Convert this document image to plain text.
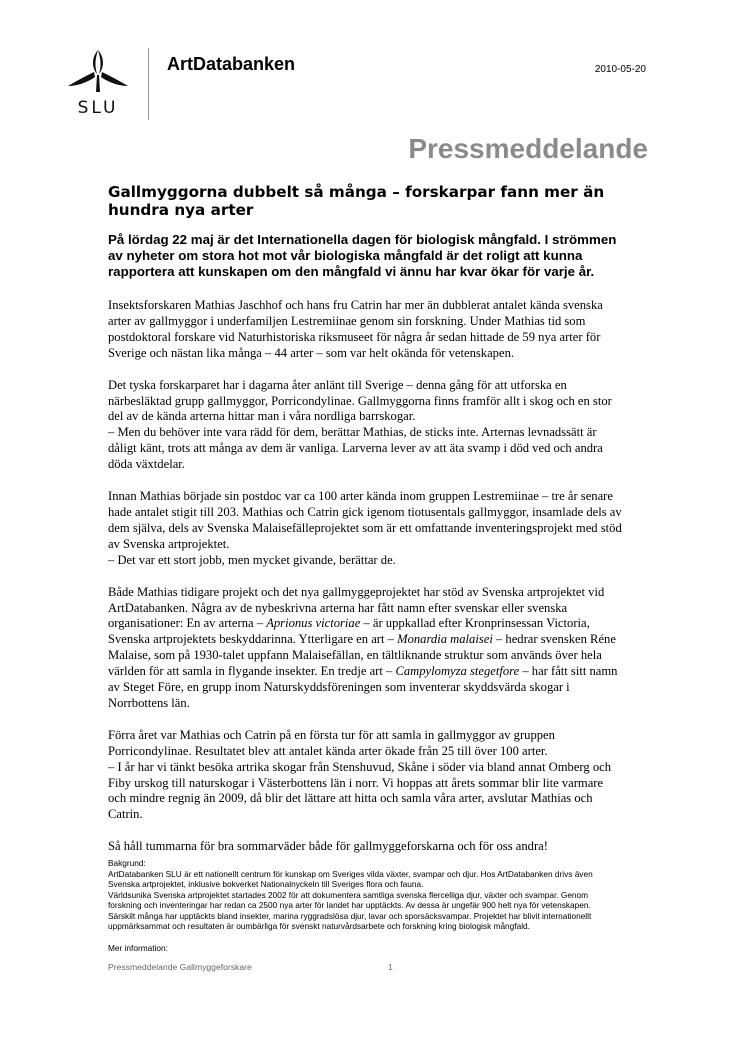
SLU
ArtDatabanken	2010-05-20
Pressmeddelande
Gallmyggorna dubbelt så många – forskarpar fann mer än
hundra nya arter
På lördag 22 maj är det Internationella dagen för biologisk mångfald. I strömmen
av nyheter om stora hot mot vår biologiska mångfald är det roligt att kunna
rapportera att kunskapen om den mångfald vi ännu har kvar ökar för varje år.

Insektsforskaren Mathias Jaschhof och hans fru Catrin har mer än dubblerat antalet kända svenska
arter av gallmyggor i underfamiljen Lestremiinae genom sin forskning. Under Mathias tid som
postdoktoral forskare vid Naturhistoriska riksmuseet för några år sedan hittade de 59 nya arter för
Sverige och nästan lika många – 44 arter – som var helt okända för vetenskapen.

Det tyska forskarparet har i dagarna åter anlänt till Sverige – denna gång för att utforska en
närbesläktad grupp gallmyggor, Porricondylinae. Gallmyggorna finns framför allt i skog och en stor
del av de kända arterna hittar man i våra nordliga barrskogar.
– Men du behöver inte vara rädd för dem, berättar Mathias, de sticks inte. Arternas levnadssätt är
dåligt känt, trots att många av dem är vanliga. Larverna lever av att äta svamp i död ved och andra
döda växtdelar.

Innan Mathias började sin postdoc var ca 100 arter kända inom gruppen Lestremiinae – tre år senare
hade antalet stigit till 203. Mathias och Catrin gick igenom tiotusentals gallmyggor, insamlade dels av
dem själva, dels av Svenska Malaisefälleprojektet som är ett omfattande inventeringsprojekt med stöd
av Svenska artprojektet.
– Det var ett stort jobb, men mycket givande, berättar de.

Både Mathias tidigare projekt och det nya gallmyggeprojektet har stöd av Svenska artprojektet vid
ArtDatabanken. Några av de nybeskrivna arterna har fått namn efter svenskar eller svenska
organisationer: En av arterna – Aprionus victoriae – är uppkallad efter Kronprinsessan Victoria,
Svenska artprojektets beskyddarinna. Ytterligare en art – Monardia malaisei – hedrar svensken Réne
Malaise, som på 1930-talet uppfann Malaisefällan, en tältliknande struktur som används över hela
världen för att samla in flygande insekter. En tredje art – Campylomyza stegetfore – har fått sitt namn
av Steget Före, en grupp inom Naturskyddsföreningen som inventerar skyddsvärda skogar i
Norrbottens län.

Förra året var Mathias och Catrin på en första tur för att samla in gallmyggor av gruppen
Porricondylinae. Resultatet blev att antalet kända arter ökade från 25 till över 100 arter.
– I år har vi tänkt besöka artrika skogar från Stenshuvud, Skåne i söder via bland annat Omberg och
Fiby urskog till naturskogar i Västerbottens län i norr. Vi hoppas att årets sommar blir lite varmare
och mindre regnig än 2009, då blir det lättare att hitta och samla våra arter, avslutar Mathias och
Catrin.

Så håll tummarna för bra sommarväder både för gallmyggeforskarna och för oss andra!

Bakgrund:
ArtDatabanken SLU är ett nationellt centrum för kunskap om Sveriges vilda växter, svampar och djur. Hos ArtDatabanken drivs även
Svenska artprojektet, inklusive bokverket Nationalnyckeln till Sveriges flora och fauna.
Världsunika Svenska artprojektet startades 2002 för att dokumentera samtliga svenska flercelliga djur, växter och svampar. Genom
forskning och inventeringar har redan ca 2500 nya arter för landet har upptäckts. Av dessa är ungefär 900 helt nya för vetenskapen.
Särskilt många har upptäckts bland insekter, marina ryggradslösa djur, lavar och sporsäcksvampar. Projektet har blivit internationellt
uppmärksammat och resultaten är oumbärliga för svenskt naturvårdsarbete och forskning kring biologisk mångfald.
Mer information:
Pressmeddelande Gallmyggeforskare	1
